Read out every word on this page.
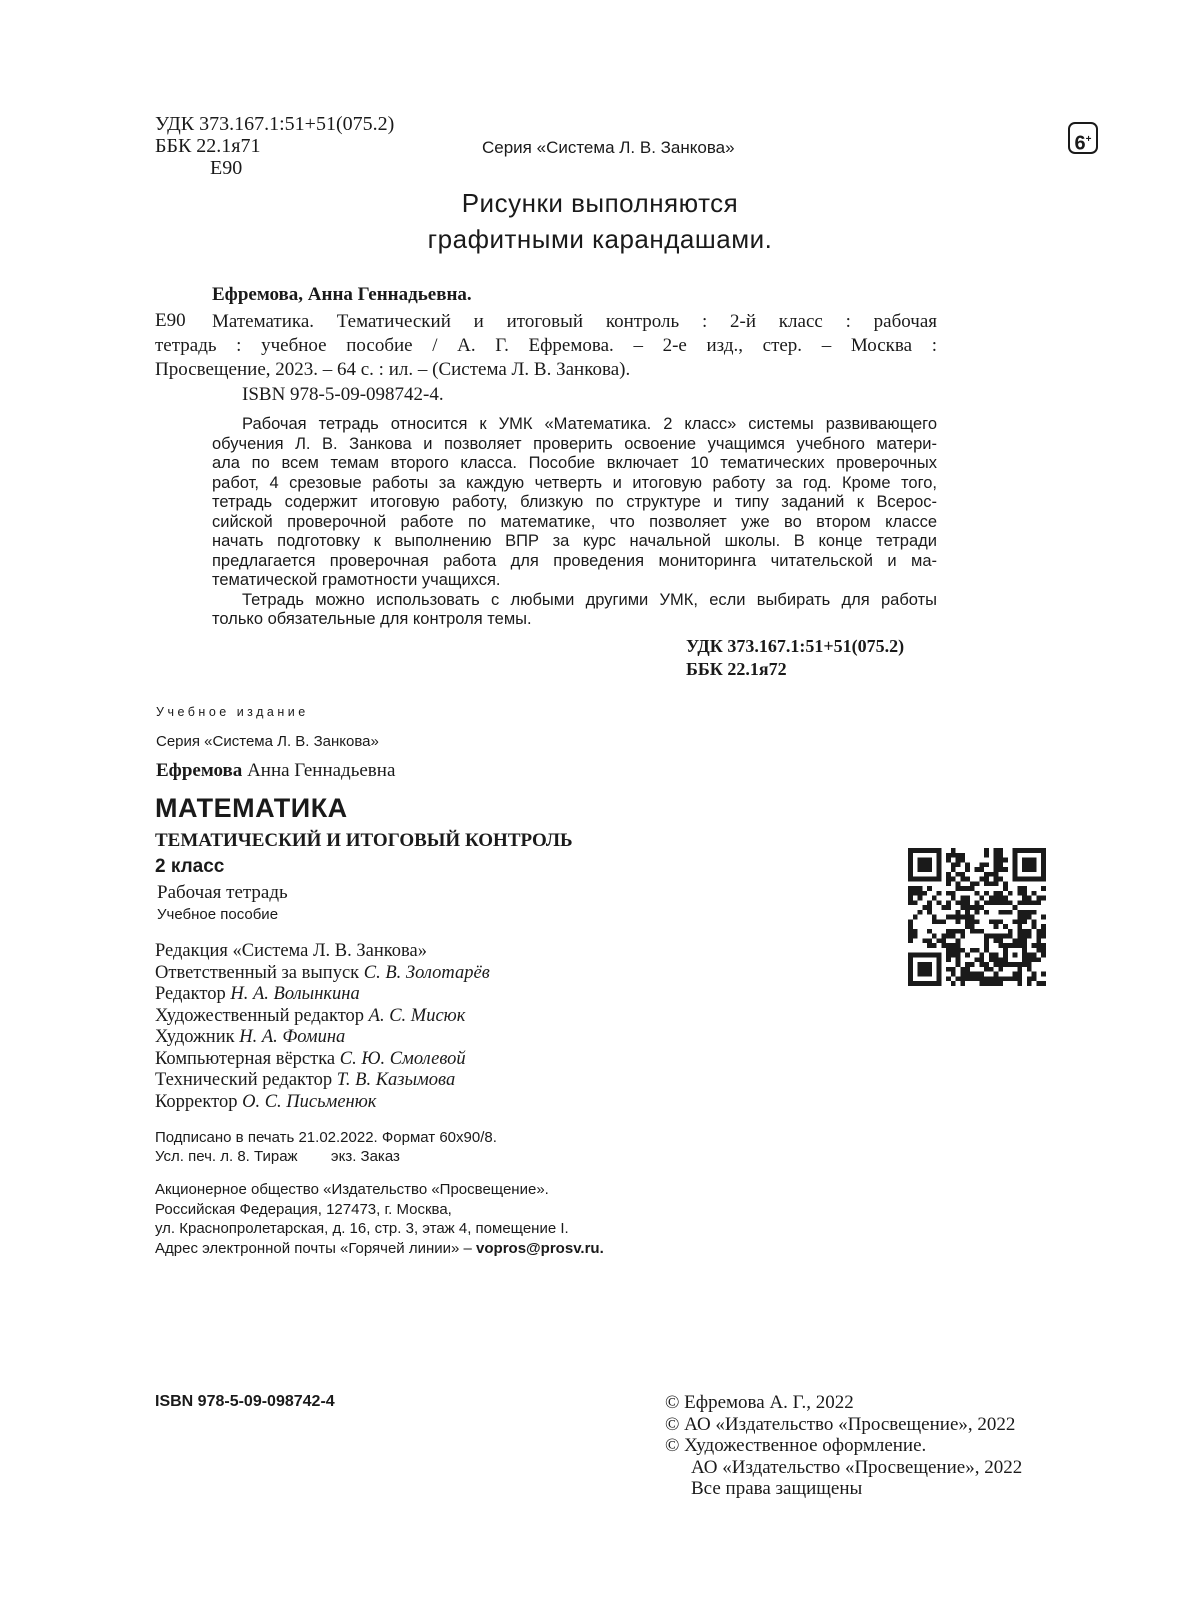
УДК 373.167.1:51+51(075.2)
ББК 22.1я71
Е90
Серия «Система Л. В. Занкова»	6+
Рисунки выполняются
графитными карандашами.
Ефремова, Анна Геннадьевна.
Е90 Математика. Тематический и итоговый контроль : 2-й класс : рабочая
тетрадь : учебное пособие / А. Г. Ефремова. – 2-е изд., стер. – Москва :
Просвещение, 2023. – 64 с. : ил. – (Система Л. В. Занкова).
ISBN 978-5-09-098742-4.
Рабочая тетрадь относится к УМК «Математика. 2 класс» системы развивающего
обучения Л. В. Занкова и позволяет проверить освоение учащимся учебного матери-
ала по всем темам второго класса. Пособие включает 10 тематических проверочных
работ, 4 срезовые работы за каждую четверть и итоговую работу за год. Кроме того,
тетрадь содержит итоговую работу, близкую по структуре и типу заданий к Всерос-
сийской проверочной работе по математике, что позволяет уже во втором классе
начать подготовку к выполнению ВПР за курс начальной школы. В конце тетради
предлагается проверочная работа для проведения мониторинга читательской и ма-
тематической грамотности учащихся.
Тетрадь можно использовать с любыми другими УМК, если выбирать для работы
только обязательные для контроля темы.
УДК 373.167.1:51+51(075.2)
ББК 22.1я72
Учебное издание
Серия «Система Л. В. Занкова»
Ефремова Анна Геннадьевна
МАТЕМАТИКА
ТЕМАТИЧЕСКИЙ И ИТОГОВЫЙ КОНТРОЛЬ
2 класс
Рабочая тетрадь
Учебное пособие
Редакция «Система Л. В. Занкова»
Ответственный за выпуск С. В. Золотарёв
Редактор Н. А. Волынкина
Художественный редактор А. С. Мисюк
Художник Н. А. Фомина
Компьютерная вёрстка С. Ю. Смолевой
Технический редактор Т. В. Казымова
Корректор О. С. Письменюк
Подписано в печать 21.02.2022. Формат 60x90/8.
Усл. печ. л. 8. Тираж        экз. Заказ
Акционерное общество «Издательство «Просвещение».
Российская Федерация, 127473, г. Москва,
ул. Краснопролетарская, д. 16, стр. 3, этаж 4, помещение I.
Адрес электронной почты «Горячей линии» – vopros@prosv.ru.
ISBN 978-5-09-098742-4	© Ефремова А. Г., 2022
© АО «Издательство «Просвещение», 2022
© Художественное оформление.
АО «Издательство «Просвещение», 2022
Все права защищены
